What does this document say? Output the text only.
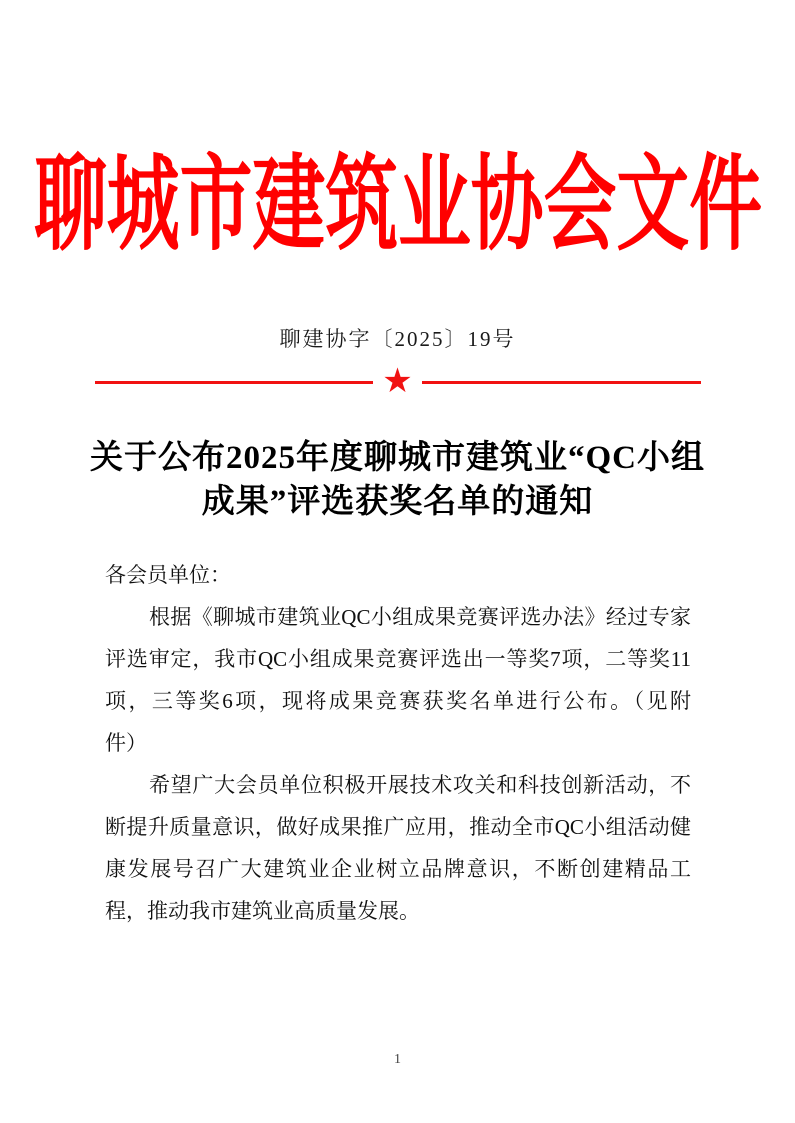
聊城市建筑业协会文件
聊建协字〔2025〕19号
★
关于公布2025年度聊城市建筑业“QC小组
成果”评选获奖名单的通知
各会员单位：
根据《聊城市建筑业QC小组成果竞赛评选办法》经过专家
评选审定，我市QC小组成果竞赛评选出一等奖7项，二等奖11
项，三等奖6项，现将成果竞赛获奖名单进行公布。（见附
件）
希望广大会员单位积极开展技术攻关和科技创新活动，不
断提升质量意识，做好成果推广应用，推动全市QC小组活动健
康发展号召广大建筑业企业树立品牌意识，不断创建精品工
程，推动我市建筑业高质量发展。
1
